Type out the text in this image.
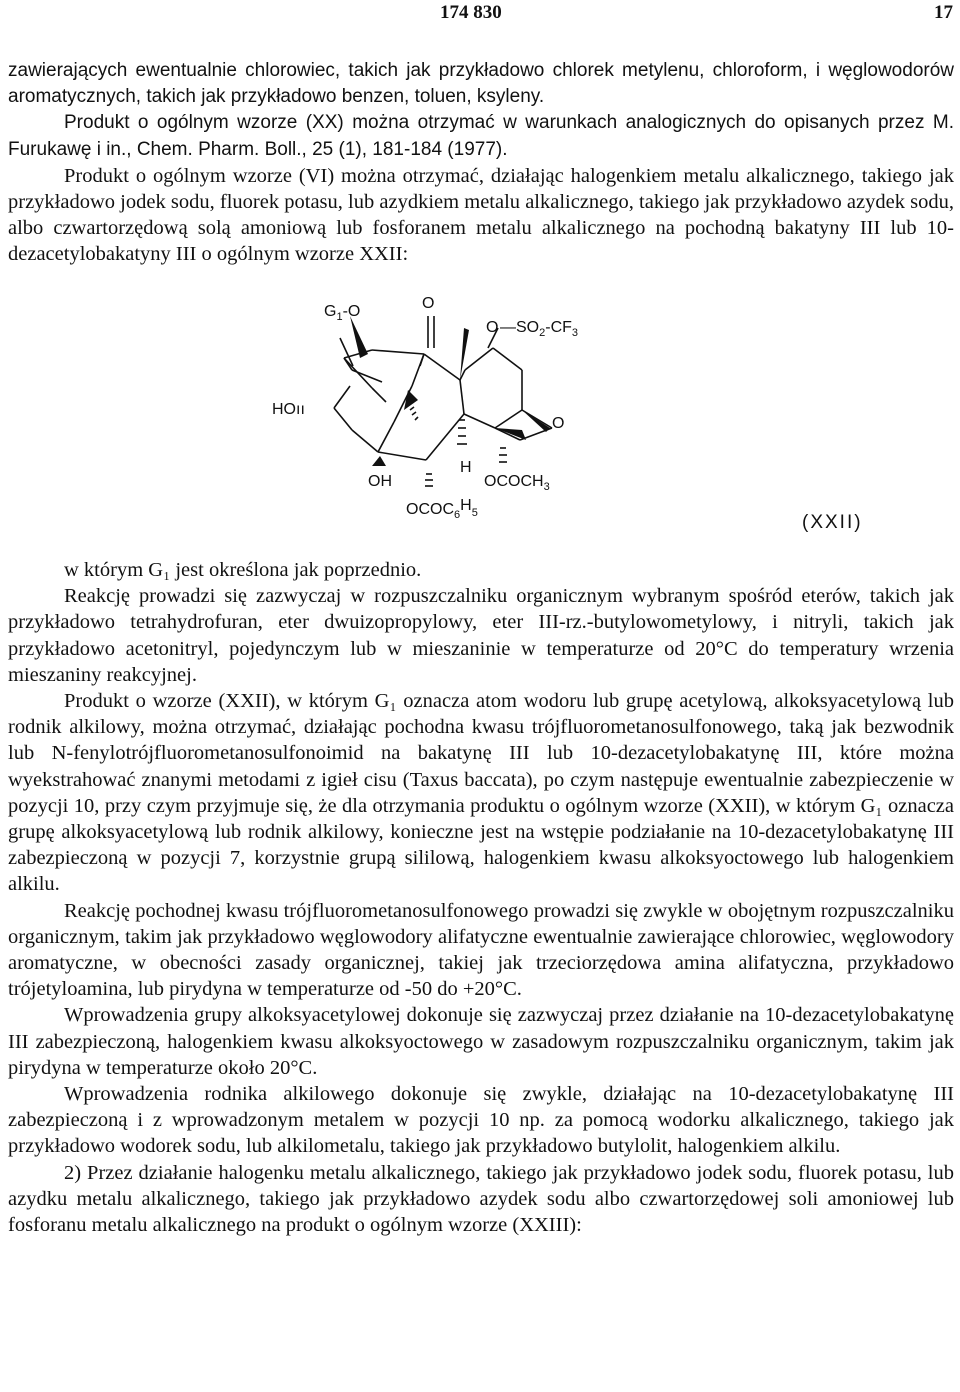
174 830	17

zawierających ewentualnie chlorowiec, takich jak przykładowo chlorek metylenu, chloroform, i węglowodorów aromatycznych, takich jak przykładowo benzen, toluen, ksyleny.

Produkt o ogólnym wzorze (XX) można otrzymać w warunkach analogicznych do opisanych przez M. Furukawę i in., Chem. Pharm. Boll., 25 (1), 181-184 (1977).

Produkt o ogólnym wzorze (VI) można otrzymać, działając halogenkiem metalu alkalicznego, takiego jak przykładowo jodek sodu, fluorek potasu, lub azydkiem metalu alkalicznego, takiego jak przykładowo azydek sodu, albo czwartorzędową solą amoniową lub fosforanem metalu alkalicznego na pochodną bakatyny III lub 10-dezacetylobakatyny III o ogólnym wzorze XXII:

$G_1-O$	O
O $—SO_2-CF_3$
HOıı
O
H
OH	$OCOCH_3$
$OCOC_6H_5$	(XXII)

w którym G₁ jest określona jak poprzednio.

Reakcję prowadzi się zazwyczaj w rozpuszczalniku organicznym wybranym spośród eterów, takich jak przykładowo tetrahydrofuran, eter dwuizopropylowy, eter III-rz.-butylowometylowy, i nitryli, takich jak przykładowo acetonitryl, pojedynczym lub w mieszaninie w temperaturze od 20°C do temperatury wrzenia mieszaniny reakcyjnej.

Produkt o wzorze (XXII), w którym G₁ oznacza atom wodoru lub grupę acetylową, alkoksyacetylową lub rodnik alkilowy, można otrzymać, działając pochodna kwasu trójfluorometanosulfonowego, taką jak bezwodnik lub N-fenylotrójfluorometanosulfonoimid na bakatynę III lub 10-dezacetylobakatynę III, które można wyekstrahować znanymi metodami z igieł cisu (Taxus baccata), po czym następuje ewentualnie zabezpieczenie w pozycji 10, przy czym przyjmuje się, że dla otrzymania produktu o ogólnym wzorze (XXII), w którym G₁ oznacza grupę alkoksyacetylową lub rodnik alkilowy, konieczne jest na wstępie podziałanie na 10-dezacetylobakatynę III zabezpieczoną w pozycji 7, korzystnie grupą sililową, halogenkiem kwasu alkoksyoctowego lub halogenkiem alkilu.

Reakcję pochodnej kwasu trójfluorometanosulfonowego prowadzi się zwykle w obojętnym rozpuszczalniku organicznym, takim jak przykładowo węglowodory alifatyczne ewentualnie zawierające chlorowiec, węglowodory aromatyczne, w obecności zasady organicznej, takiej jak trzeciorzędowa amina alifatyczna, przykładowo trójetyloamina, lub pirydyna w temperaturze od -50 do +20°C.

Wprowadzenia grupy alkoksyacetylowej dokonuje się zazwyczaj przez działanie na 10-dezacetylobakatynę III zabezpieczoną, halogenkiem kwasu alkoksyoctowego w zasadowym rozpuszczalniku organicznym, takim jak pirydyna w temperaturze około 20°C.

Wprowadzenia rodnika alkilowego dokonuje się zwykle, działając na 10-dezacetylobakatynę III zabezpieczoną i z wprowadzonym metalem w pozycji 10 np. za pomocą wodorku alkalicznego, takiego jak przykładowo wodorek sodu, lub alkilometalu, takiego jak przykładowo butylolit, halogenkiem alkilu.

2) Przez działanie halogenku metalu alkalicznego, takiego jak przykładowo jodek sodu, fluorek potasu, lub azydku metalu alkalicznego, takiego jak przykładowo azydek sodu albo czwartorzędowej soli amoniowej lub fosforanu metalu alkalicznego na produkt o ogólnym wzorze (XXIII):
